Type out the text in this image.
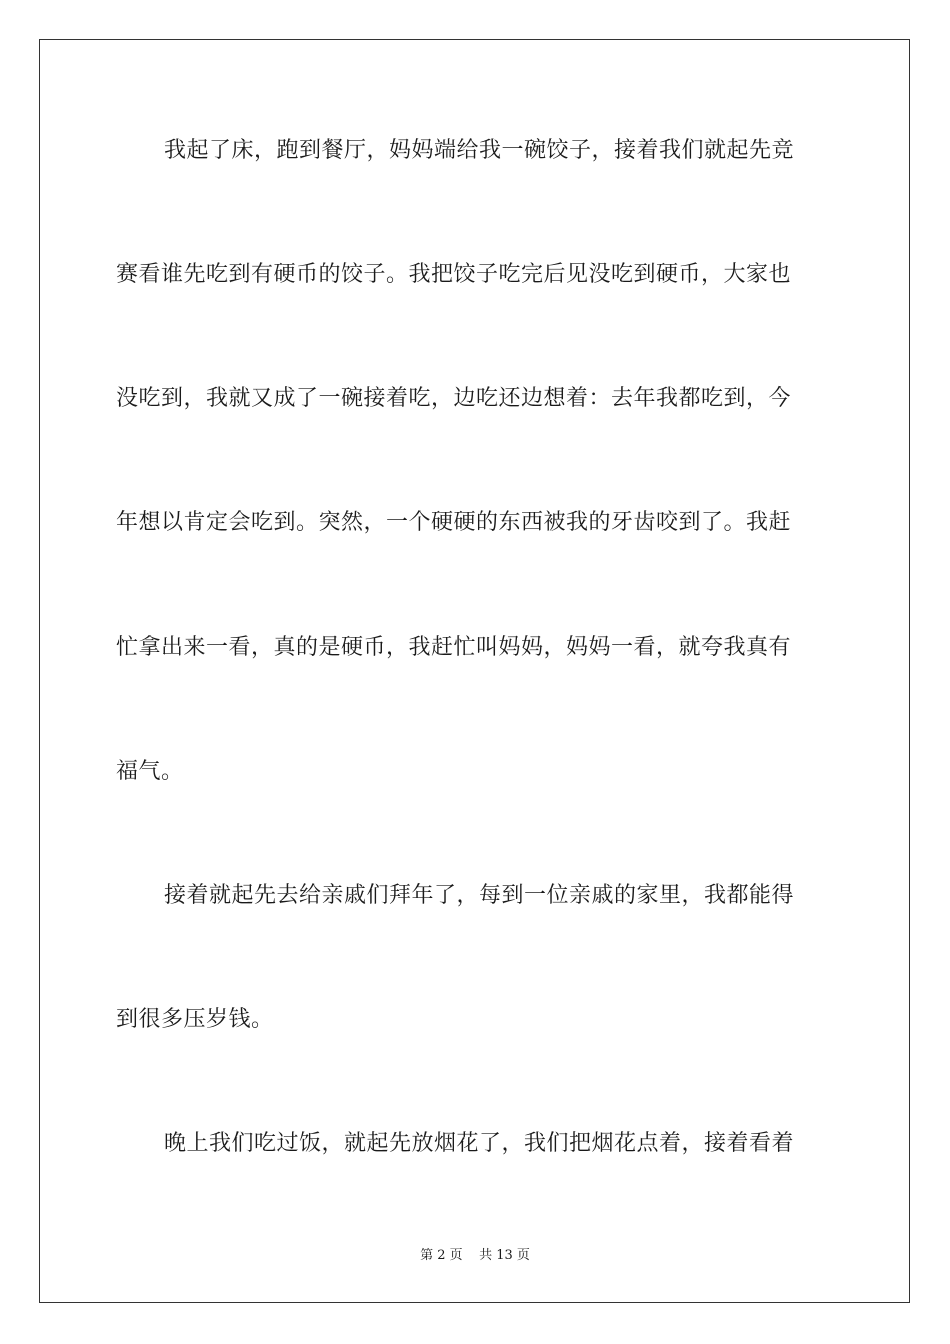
我起了床，跑到餐厅，妈妈端给我一碗饺子，接着我们就起先竞
赛看谁先吃到有硬币的饺子。我把饺子吃完后见没吃到硬币，大家也
没吃到，我就又成了一碗接着吃，边吃还边想着：去年我都吃到，今
年想以肯定会吃到。突然，一个硬硬的东西被我的牙齿咬到了。我赶
忙拿出来一看，真的是硬币，我赶忙叫妈妈，妈妈一看，就夸我真有
福气。
接着就起先去给亲戚们拜年了，每到一位亲戚的家里，我都能得
到很多压岁钱。
晚上我们吃过饭，就起先放烟花了，我们把烟花点着，接着看着
第 2 页    共 13 页
